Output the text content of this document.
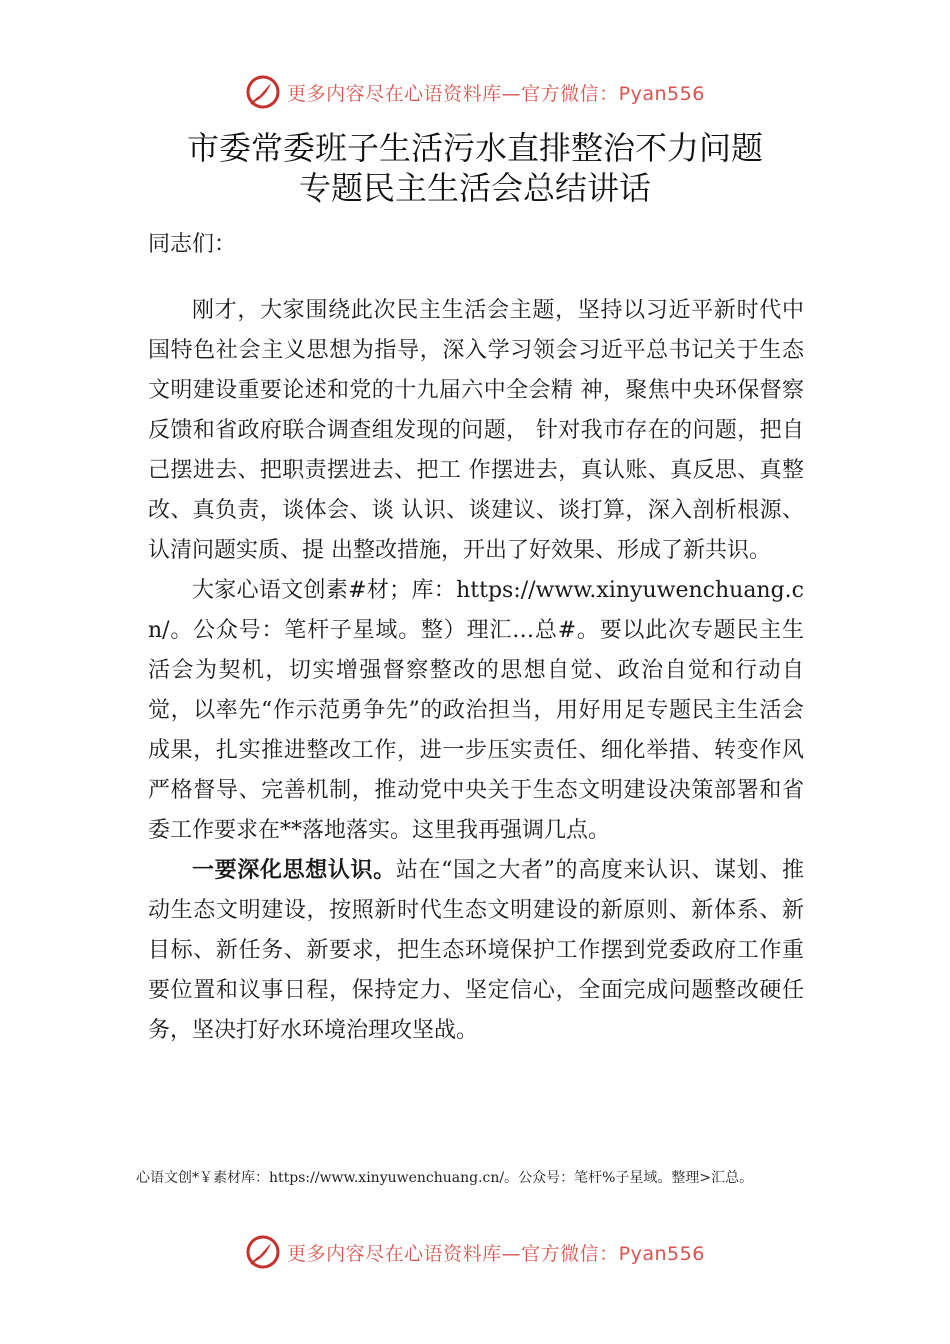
更多内容尽在心语资料库—官方微信：Pyan556
市委常委班子生活污水直排整治不力问题
专题民主生活会总结讲话
同志们：

刚才，大家围绕此次民主生活会主题，坚持以习近平新时代中国特色社会主义思想为指导，深入学习领会习近平总书记关于生态文明建设重要论述和党的十九届六中全会精 神，聚焦中央环保督察反馈和省政府联合调查组发现的问题， 针对我市存在的问题，把自己摆进去、把职责摆进去、把工 作摆进去，真认账、真反思、真整改、真负责，谈体会、谈 认识、谈建议、谈打算，深入剖析根源、认清问题实质、提 出整改措施，开出了好效果、形成了新共识。

大家心语文创素#材；库：https://www.xinyuwenchuang.cn/。公众号：笔杆子星域。整）理汇…总#。要以此次专题民主生活会为契机，切实增强督察整改的思想自觉、政治自觉和行动自觉，以率先“作示范勇争先”的政治担当，用好用足专题民主生活会成果，扎实推进整改工作，进一步压实责任、细化举措、转变作风严格督导、完善机制，推动党中央关于生态文明建设决策部署和省委工作要求在**落地落实。这里我再强调几点。

一要深化思想认识。站在“国之大者”的高度来认识、谋划、推动生态文明建设，按照新时代生态文明建设的新原则、新体系、新目标、新任务、新要求，把生态环境保护工作摆到党委政府工作重要位置和议事日程，保持定力、坚定信心，全面完成问题整改硬任务，坚决打好水环境治理攻坚战。

心语文创*￥素材库：https://www.xinyuwenchuang.cn/。公众号：笔杆%子星域。整理>汇总。
更多内容尽在心语资料库—官方微信：Pyan556
